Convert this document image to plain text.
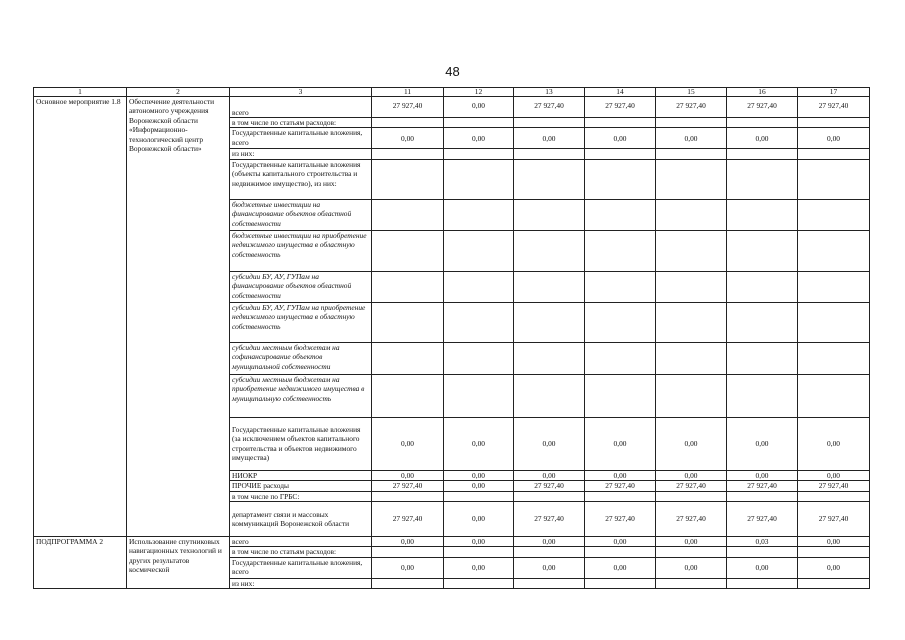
48
1	2	3	11	12	13	14	15	16	17
Основное мероприятие 1.8	Обеспечение деятельности автономного учреждения Воронежской области «Информационно-технологический центр Воронежской области»	всего	27 927,40	0,00	27 927,40	27 927,40	27 927,40	27 927,40	27 927,40
		в том числе по статьям расходов:							
		Государственные капитальные вложения, всего	0,00	0,00	0,00	0,00	0,00	0,00	0,00
		из них:							
		Государственные капитальные вложения (объекты капитального строительства и недвижимое имущество), из них:							
		бюджетные инвестиции на финансирование объектов областной собственности							
		бюджетные инвестиции на приобретение недвижимого имущества в областную собственность							
		субсидии БУ, АУ, ГУПам на финансирование объектов областной собственности							
		субсидии БУ, АУ, ГУПам на приобретение недвижимого имущества в областную собственность							
		субсидии местным бюджетам на софинансирование объектов муниципальной собственности							
		субсидии местным бюджетам на приобретение недвижимого имущества в муниципальную собственность							
		Государственные капитальные вложения (за исключением объектов капитального строительства и объектов недвижимого имущества)	0,00	0,00	0,00	0,00	0,00	0,00	0,00
		НИОКР	0,00	0,00	0,00	0,00	0,00	0,00	0,00
		ПРОЧИЕ расходы	27 927,40	0,00	27 927,40	27 927,40	27 927,40	27 927,40	27 927,40
		в том числе по ГРБС:							
		департамент связи и массовых коммуникаций Воронежской области	27 927,40	0,00	27 927,40	27 927,40	27 927,40	27 927,40	27 927,40
ПОДПРОГРАММА 2	Использование спутниковых навигационных технологий и других результатов космической	всего	0,00	0,00	0,00	0,00	0,00	0,03	0,00
		в том числе по статьям расходов:							
		Государственные капитальные вложения, всего	0,00	0,00	0,00	0,00	0,00	0,00	0,00
		из них:							
